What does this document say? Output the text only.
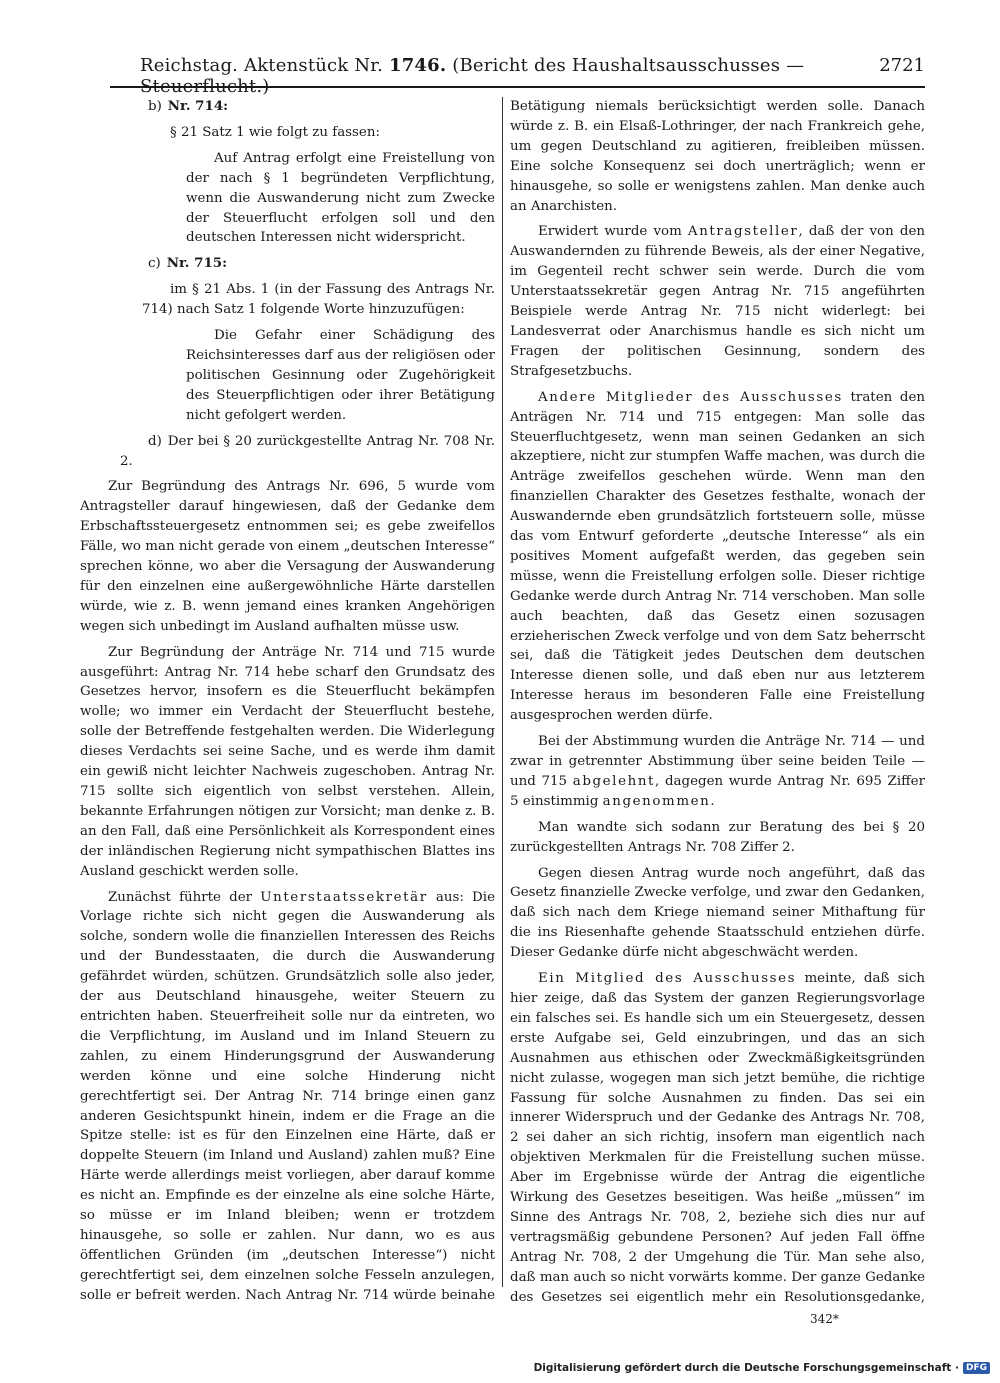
Reichstag. Aktenstück Nr. 1746. (Bericht des Haushaltsausschusses — Steuerflucht.)
2721

b) Nr. 714:

§ 21 Satz 1 wie folgt zu fassen:

Auf Antrag erfolgt eine Freistellung von der nach § 1 begründeten Verpflichtung, wenn die Auswanderung nicht zum Zwecke der Steuerflucht erfolgen soll und den deutschen Interessen nicht widerspricht.

c) Nr. 715:

im § 21 Abs. 1 (in der Fassung des Antrags Nr. 714) nach Satz 1 folgende Worte hinzuzufügen:

Die Gefahr einer Schädigung des Reichsinteresses darf aus der religiösen oder politischen Gesinnung oder Zugehörigkeit des Steuerpflichtigen oder ihrer Betätigung nicht gefolgert werden.

d) Der bei § 20 zurückgestellte Antrag Nr. 708 Nr. 2.

Zur Begründung des Antrags Nr. 696, 5 wurde vom Antragsteller darauf hingewiesen, daß der Gedanke dem Erbschaftssteuergesetz entnommen sei; es gebe zweifellos Fälle, wo man nicht gerade von einem „deutschen Interesse“ sprechen könne, wo aber die Versagung der Auswanderung für den einzelnen eine außergewöhnliche Härte darstellen würde, wie z. B. wenn jemand eines kranken Angehörigen wegen sich unbedingt im Ausland aufhalten müsse usw.

Zur Begründung der Anträge Nr. 714 und 715 wurde ausgeführt: Antrag Nr. 714 hebe scharf den Grundsatz des Gesetzes hervor, insofern es die Steuerflucht bekämpfen wolle; wo immer ein Verdacht der Steuerflucht bestehe, solle der Betreffende festgehalten werden. Die Widerlegung dieses Verdachts sei seine Sache, und es werde ihm damit ein gewiß nicht leichter Nachweis zugeschoben. Antrag Nr. 715 sollte sich eigentlich von selbst verstehen. Allein, bekannte Erfahrungen nötigen zur Vorsicht; man denke z. B. an den Fall, daß eine Persönlichkeit als Korrespondent eines der inländischen Regierung nicht sympathischen Blattes ins Ausland geschickt werden solle.

Zunächst führte der Unterstaatssekretär aus: Die Vorlage richte sich nicht gegen die Auswanderung als solche, sondern wolle die finanziellen Interessen des Reichs und der Bundesstaaten, die durch die Auswanderung gefährdet würden, schützen. Grundsätzlich solle also jeder, der aus Deutschland hinausgehe, weiter Steuern zu entrichten haben. Steuerfreiheit solle nur da eintreten, wo die Verpflichtung, im Ausland und im Inland Steuern zu zahlen, zu einem Hinderungsgrund der Auswanderung werden könne und eine solche Hinderung nicht gerechtfertigt sei. Der Antrag Nr. 714 bringe einen ganz anderen Gesichtspunkt hinein, indem er die Frage an die Spitze stelle: ist es für den Einzelnen eine Härte, daß er doppelte Steuern (im Inland und Ausland) zahlen muß? Eine Härte werde allerdings meist vorliegen, aber darauf komme es nicht an. Empfinde es der einzelne als eine solche Härte, so müsse er im Inland bleiben; wenn er trotzdem hinausgehe, so solle er zahlen. Nur dann, wo es aus öffentlichen Gründen (im „deutschen Interesse“) nicht gerechtfertigt sei, dem einzelnen solche Fesseln anzulegen, solle er befreit werden. Nach Antrag Nr. 714 würde beinahe

Betätigung niemals berücksichtigt werden solle. Danach würde z. B. ein Elsaß-Lothringer, der nach Frankreich gehe, um gegen Deutschland zu agitieren, freibleiben müssen. Eine solche Konsequenz sei doch unerträglich; wenn er hinausgehe, so solle er wenigstens zahlen. Man denke auch an Anarchisten.

Erwidert wurde vom Antragsteller, daß der von den Auswandernden zu führende Beweis, als der einer Negative, im Gegenteil recht schwer sein werde. Durch die vom Unterstaatssekretär gegen Antrag Nr. 715 angeführten Beispiele werde Antrag Nr. 715 nicht widerlegt: bei Landesverrat oder Anarchismus handle es sich nicht um Fragen der politischen Gesinnung, sondern des Strafgesetzbuchs.

Andere Mitglieder des Ausschusses traten den Anträgen Nr. 714 und 715 entgegen: Man solle das Steuerfluchtgesetz, wenn man seinen Gedanken an sich akzeptiere, nicht zur stumpfen Waffe machen, was durch die Anträge zweifellos geschehen würde. Wenn man den finanziellen Charakter des Gesetzes festhalte, wonach der Auswandernde eben grundsätzlich fortsteuern solle, müsse das vom Entwurf geforderte „deutsche Interesse“ als ein positives Moment aufgefaßt werden, das gegeben sein müsse, wenn die Freistellung erfolgen solle. Dieser richtige Gedanke werde durch Antrag Nr. 714 verschoben. Man solle auch beachten, daß das Gesetz einen sozusagen erzieherischen Zweck verfolge und von dem Satz beherrscht sei, daß die Tätigkeit jedes Deutschen dem deutschen Interesse dienen solle, und daß eben nur aus letzterem Interesse heraus im besonderen Falle eine Freistellung ausgesprochen werden dürfe.

Bei der Abstimmung wurden die Anträge Nr. 714 — und zwar in getrennter Abstimmung über seine beiden Teile — und 715 abgelehnt, dagegen wurde Antrag Nr. 695 Ziffer 5 einstimmig angenommen.

Man wandte sich sodann zur Beratung des bei § 20 zurückgestellten Antrags Nr. 708 Ziffer 2.

Gegen diesen Antrag wurde noch angeführt, daß das Gesetz finanzielle Zwecke verfolge, und zwar den Gedanken, daß sich nach dem Kriege niemand seiner Mithaftung für die ins Riesenhafte gehende Staatsschuld entziehen dürfe. Dieser Gedanke dürfe nicht abgeschwächt werden.

Ein Mitglied des Ausschusses meinte, daß sich hier zeige, daß das System der ganzen Regierungsvorlage ein falsches sei. Es handle sich um ein Steuergesetz, dessen erste Aufgabe sei, Geld einzubringen, und das an sich Ausnahmen aus ethischen oder Zweckmäßigkeitsgründen nicht zulasse, wogegen man sich jetzt bemühe, die richtige Fassung für solche Ausnahmen zu finden. Das sei ein innerer Widerspruch und der Gedanke des Antrags Nr. 708, 2 sei daher an sich richtig, insofern man eigentlich nach objektiven Merkmalen für die Freistellung suchen müsse. Aber im Ergebnisse würde der Antrag die eigentliche Wirkung des Gesetzes beseitigen. Was heiße „müssen“ im Sinne des Antrags Nr. 708, 2, beziehe sich dies nur auf vertragsmäßig gebundene Personen? Auf jeden Fall öffne Antrag Nr. 708, 2 der Umgehung die Tür. Man sehe also, daß man auch so nicht vorwärts komme. Der ganze Gedanke des Gesetzes sei eigentlich mehr ein Resolutionsgedanke,

342*
Digitalisierung gefördert durch die Deutsche Forschungsgemeinschaft · DFG
